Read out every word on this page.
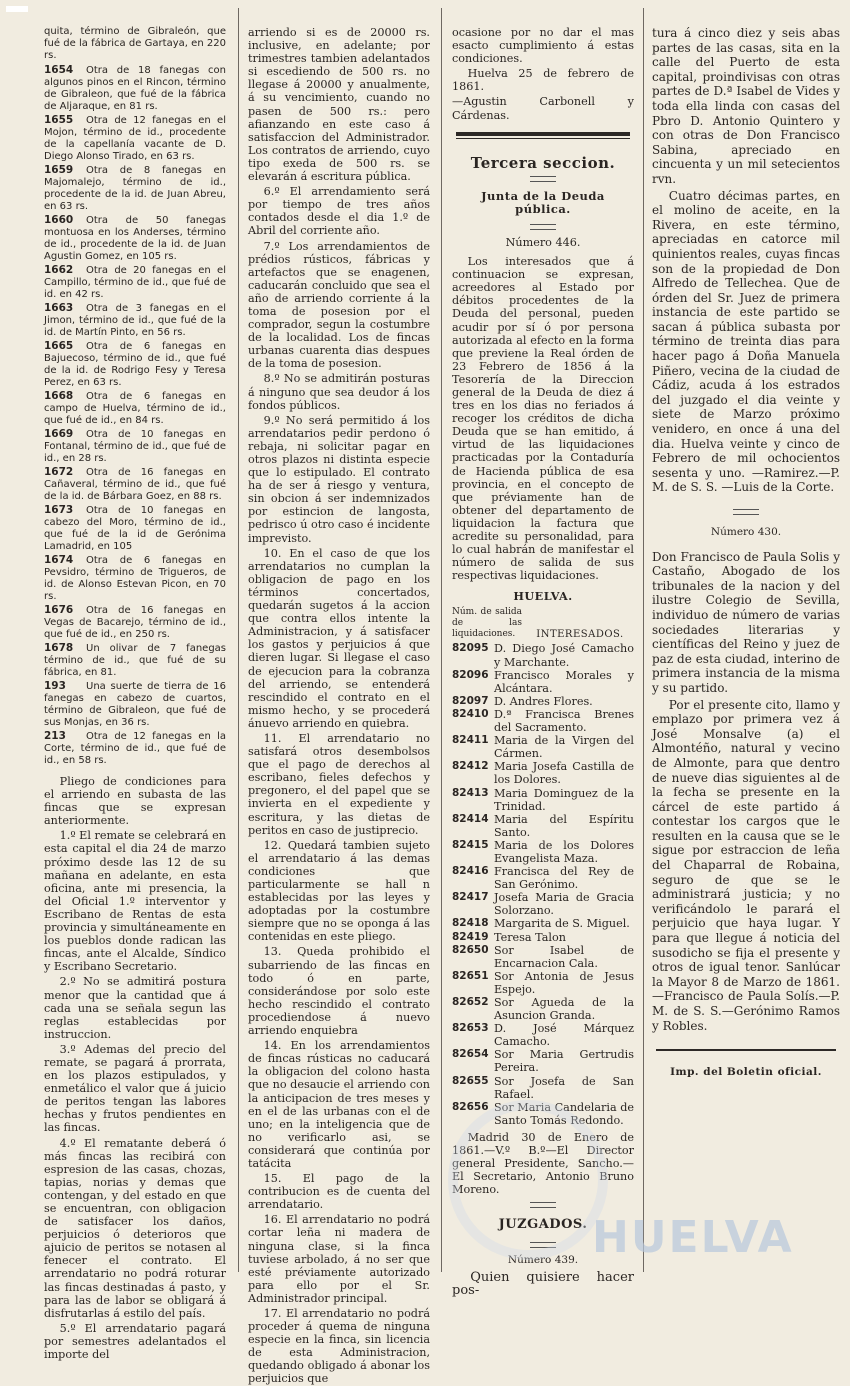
quita, término de Gibraleón, que fué de la fábrica de Gartaya, en 220 rs.

1654 Otra de 18 fanegas con algunos pinos en el Rincon, término de Gibraleon, que fué de la fábrica de Aljaraque, en 81 rs.

1655 Otra de 12 fanegas en el Mojon, término de id., procedente de la capellanía vacante de D. Diego Alonso Tirado, en 63 rs.

1659 Otra de 8 fanegas en Majomalejo, término de id., procedente de la id. de Juan Abreu, en 63 rs.

1660 Otra de 50 fanegas montuosa en los Anderses, término de id., procedente de la id. de Juan Agustin Gomez, en 105 rs.

1662 Otra de 20 fanegas en el Campillo, término de id., que fué de id. en 42 rs.

1663 Otra de 3 fanegas en el Jimon, término de id., que fué de la id. de Martín Pinto, en 56 rs.

1665 Otra de 6 fanegas en Bajuecoso, término de id., que fué de la id. de Rodrigo Fesy y Teresa Perez, en 63 rs.

1668 Otra de 6 fanegas en campo de Huelva, término de id., que fué de id., en 84 rs.

1669 Otra de 10 fanegas en Fontanal, término de id., que fué de id., en 28 rs.

1672 Otra de 16 fanegas en Cañaveral, término de id., que fué de la id. de Bárbara Goez, en 88 rs.

1673 Otra de 10 fanegas en cabezo del Moro, término de id., que fué de la id de Gerónima Lamadrid, en 105

1674 Otra de 6 fanegas en Pevsidro, término de Trigueros, de id. de Alonso Estevan Picon, en 70 rs.

1676 Otra de 16 fanegas en Vegas de Bacarejo, término de id., que fué de id., en 250 rs.

1678 Un olivar de 7 fanegas término de id., que fué de su fábrica, en 81.

193 Una suerte de tierra de 16 fanegas en cabezo de cuartos, término de Gibraleon, que fué de sus Monjas, en 36 rs.

213 Otra de 12 fanegas en la Corte, término de id., que fué de id., en 58 rs.

Pliego de condiciones para el arriendo en subasta de las fincas que se expresan anteriormente.

1.º El remate se celebrará en esta capital el dia 24 de marzo próximo desde las 12 de su mañana en adelante, en esta oficina, ante mi presencia, la del Oficial 1.º interventor y Escribano de Rentas de esta provincia y simultáneamente en los pueblos donde radican las fincas, ante el Alcalde, Síndico y Escribano Secretario.

2.º No se admitirá postura menor que la cantidad que á cada una se señala segun las reglas establecidas por instruccion.

3.º Ademas del precio del remate, se pagará á prorrata, en los plazos estipulados, y enmetálico el valor que á juicio de peritos tengan las labores hechas y frutos pendientes en las fincas.

4.º El rematante deberá ó más fincas las recibirá con espresion de las casas, chozas, tapias, norias y demas que contengan, y del estado en que se encuentran, con obligacion de satisfacer los daños, perjuicios ó deterioros que ajuicio de peritos se notasen al fenecer el contrato. El arrendatario no podrá roturar las fincas destinadas á pasto, y para las de labor se obligará á disfrutarlas á estilo del país.

5.º El arrendatario pagará por semestres adelantados el importe del

arriendo si es de 20000 rs. inclusive, en adelante; por trimestres tambien adelantados si escediendo de 500 rs. no llegase á 20000 y anualmente, á su vencimiento, cuando no pasen de 500 rs.: pero afianzando en este caso á satisfaccion del Administrador. Los contratos de arriendo, cuyo tipo exeda de 500 rs. se elevarán á escritura pública.

6.º El arrendamiento será por tiempo de tres años contados desde el dia 1.º de Abril del corriente año.

7.º Los arrendamientos de prédios rústicos, fábricas y artefactos que se enagenen, caducarán concluido que sea el año de arriendo corriente á la toma de posesion por el comprador, segun la costumbre de la localidad. Los de fincas urbanas cuarenta dias despues de la toma de posesion.

8.º No se admitirán posturas á ninguno que sea deudor á los fondos públicos.

9.º No será permitido á los arrendatarios pedir perdono ó rebaja, ni solicitar pagar en otros plazos ni distinta especie que lo estipulado. El contrato ha de ser á riesgo y ventura, sin obcion á ser indemnizados por estincion de langosta, pedrisco ú otro caso é incidente imprevisto.

10. En el caso de que los arrendatarios no cumplan la obligacion de pago en los términos concertados, quedarán sugetos á la accion que contra ellos intente la Administracion, y á satisfacer los gastos y perjuicios á que dieren lugar. Si llegase el caso de ejecucion para la cobranza del arriendo, se entenderá rescindido el contrato en el mismo hecho, y se procederá ánuevo arriendo en quiebra.

11. El arrendatario no satisfará otros desembolsos que el pago de derechos al escribano, fieles defechos y pregonero, el del papel que se invierta en el expediente y escritura, y las dietas de peritos en caso de justiprecio.

12. Quedará tambien sujeto el arrendatario á las demas condiciones que particularmente se hall n establecidas por las leyes y adoptadas por la costumbre siempre que no se oponga á las contenidas en este pliego.

13. Queda prohibido el subarriendo de las fincas en todo ó en parte, considerándose por solo este hecho rescindido el contrato procediendose á nuevo arriendo enquiebra

14. En los arrendamientos de fincas rústicas no caducará la obligacion del colono hasta que no desaucie el arriendo con la anticipacion de tres meses y en el de las urbanas con el de uno; en la inteligencia que de no verificarlo asi, se considerará que continúa por tatácita

15. El pago de la contribucion es de cuenta del arrendatario.

16. El arrendatario no podrá cortar leña ni madera de ninguna clase, si la finca tuviese arbolado, á no ser que esté préviamente autorizado para ello por el Sr. Administrador principal.

17. El arrendatario no podrá proceder á quema de ninguna especie en la finca, sin licencia de esta Administracion, quedando obligado á abonar los perjuicios que

ocasione por no dar el mas esacto cumplimiento á estas condiciones.

Huelva 25 de febrero de 1861.

—Agustin Carbonell y Cárdenas.

Tercera seccion.
Junta de la Deuda pública.
Número 446.

Los interesados que á continuacion se expresan, acreedores al Estado por débitos procedentes de la Deuda del personal, pueden acudir por sí ó por persona autorizada al efecto en la forma que previene la Real órden de 23 Febrero de 1856 á la Tesorería de la Direccion general de la Deuda de diez á tres en los dias no feriados á recoger los créditos de dicha Deuda que se han emitido, á virtud de las liquidaciones practicadas por la Contaduría de Hacienda pública de esa provincia, en el concepto de que préviamente han de obtener del departamento de liquidacion la factura que acredite su personalidad, para lo cual habrán de manifestar el número de salida de sus respectivas liquidaciones.

HUELVA.
Núm. de salida de las liquidaciones.	INTERESADOS.
82095 D. Diego José Camacho y Marchante.
82096 Francisco Morales y Alcántara.
82097 D. Andres Flores.
82410 D.ª Francisca Brenes del Sacramento.
82411 Maria de la Virgen del Cármen.
82412 Maria Josefa Castilla de los Dolores.
82413 Maria Dominguez de la Trinidad.
82414 Maria del Espíritu Santo.
82415 Maria de los Dolores Evangelista Maza.
82416 Francisca del Rey de San Gerónimo.
82417 Josefa Maria de Gracia Solorzano.
82418 Margarita de S. Miguel.
82419 Teresa Talon
82650 Sor Isabel de Encarnacion Cala.
82651 Sor Antonia de Jesus Espejo.
82652 Sor Agueda de la Asuncion Granda.
82653 D. José Márquez Camacho.
82654 Sor Maria Gertrudis Pereira.
82655 Sor Josefa de San Rafael.
82656 Sor Maria Candelaria de Santo Tomás Redondo.

Madrid 30 de Enero de 1861.—V.º B.º—El Director general Presidente, Sancho.—El Secretario, Antonio Bruno Moreno.

JUZGADOS.
Número 439.

Quien quisiere hacer pos-

tura á cinco diez y seis abas partes de las casas, sita en la calle del Puerto de esta capital, proindivisas con otras partes de D.ª Isabel de Vides y toda ella linda con casas del Pbro D. Antonio Quintero y con otras de Don Francisco Sabina, apreciado en cincuenta y un mil setecientos rvn.

Cuatro décimas partes, en el molino de aceite, en la Rivera, en este término, apreciadas en catorce mil quinientos reales, cuyas fincas son de la propiedad de Don Alfredo de Tellechea. Que de órden del Sr. Juez de primera instancia de este partido se sacan á pública subasta por término de treinta dias para hacer pago á Doña Manuela Piñero, vecina de la ciudad de Cádiz, acuda á los estrados del juzgado el dia veinte y siete de Marzo próximo venidero, en once á una del dia. Huelva veinte y cinco de Febrero de mil ochocientos sesenta y uno. —Ramirez.—P. M. de S. S. —Luis de la Corte.

Número 430.

Don Francisco de Paula Solis y Castaño, Abogado de los tribunales de la nacion y del ilustre Colegio de Sevilla, individuo de número de varias sociedades literarias y científicas del Reino y juez de paz de esta ciudad, interino de primera instancia de la misma y su partido.

Por el presente cito, llamo y emplazo por primera vez á José Monsalve (a) el Almontéño, natural y vecino de Almonte, para que dentro de nueve dias siguientes al de la fecha se presente en la cárcel de este partido á contestar los cargos que le resulten en la causa que se le sigue por estraccion de leña del Chaparral de Robaina, seguro de que se le administrará justicia; y no verificándolo le parará el perjuicio que haya lugar. Y para que llegue á noticia del susodicho se fija el presente y otros de igual tenor. Sanlúcar la Mayor 8 de Marzo de 1861.—Francisco de Paula Solís.—P. M. de S. S.—Gerónimo Ramos y Robles.

Imp. del Boletin oficial.
HUELVA
